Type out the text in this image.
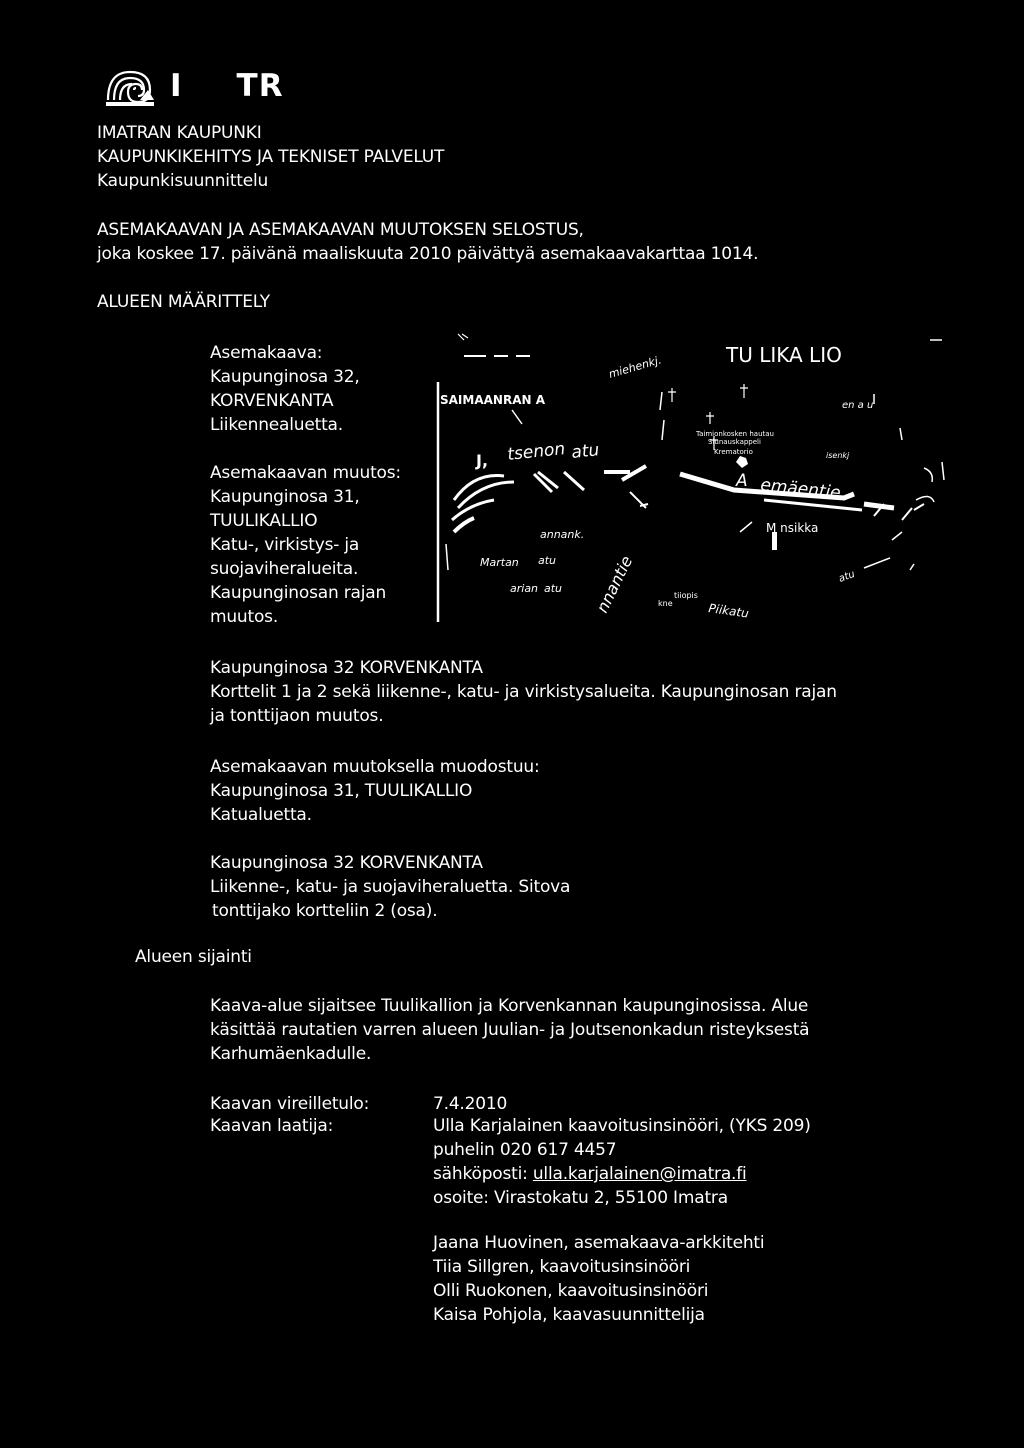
I TR
IMATRAN KAUPUNKI
KAUPUNKIKEHITYS JA TEKNISET PALVELUT
Kaupunkisuunnittelu
ASEMAKAAVAN JA ASEMAKAAVAN MUUTOKSEN SELOSTUS,
joka koskee 17. päivänä maaliskuuta 2010 päivättyä asemakaavakarttaa 1014.
ALUEEN MÄÄRITTELY
Asemakaava:
Kaupunginosa 32,
KORVENKANTA
Liikennealuetta.
Asemakaavan muutos:
Kaupunginosa 31,
TUULIKALLIO
Katu-, virkistys- ja
suojaviheralueita.
Kaupunginosan rajan
muutos.
SAIMAANRAN A
TU LIKA LIO
tsenon atu
J,
emäentie
A
M nsikka
annank.
Martan
arian
atu
atu
Piikatu
nnantie	tiiopis
kne
Taimionkosken hautau
Siunauskappeli
Krematorio
miehenkj.
isenkj
en a u
atu
Kaupunginosa 32 KORVENKANTA
Korttelit 1 ja 2 sekä liikenne-, katu- ja virkistysalueita. Kaupunginosan rajan
ja tonttijaon muutos.
Asemakaavan muutoksella muodostuu:
Kaupunginosa 31, TUULIKALLIO
Katualuetta.
Kaupunginosa 32 KORVENKANTA
Liikenne-, katu- ja suojaviheraluetta. Sitova
tonttijako kortteliin 2 (osa).
Alueen sijainti
Kaava-alue sijaitsee Tuulikallion ja Korvenkannan kaupunginosissa. Alue
käsittää rautatien varren alueen Juulian- ja Joutsenonkadun risteyksestä
Karhumäenkadulle.
Kaavan vireilletulo:	7.4.2010
Kaavan laatija:	Ulla Karjalainen kaavoitusinsinööri, (YKS 209)
puhelin 020 617 4457
sähköposti: ulla.karjalainen@imatra.fi
osoite: Virastokatu 2, 55100 Imatra
Jaana Huovinen, asemakaava-arkkitehti
Tiia Sillgren, kaavoitusinsinööri
Olli Ruokonen, kaavoitusinsinööri
Kaisa Pohjola, kaavasuunnittelija
